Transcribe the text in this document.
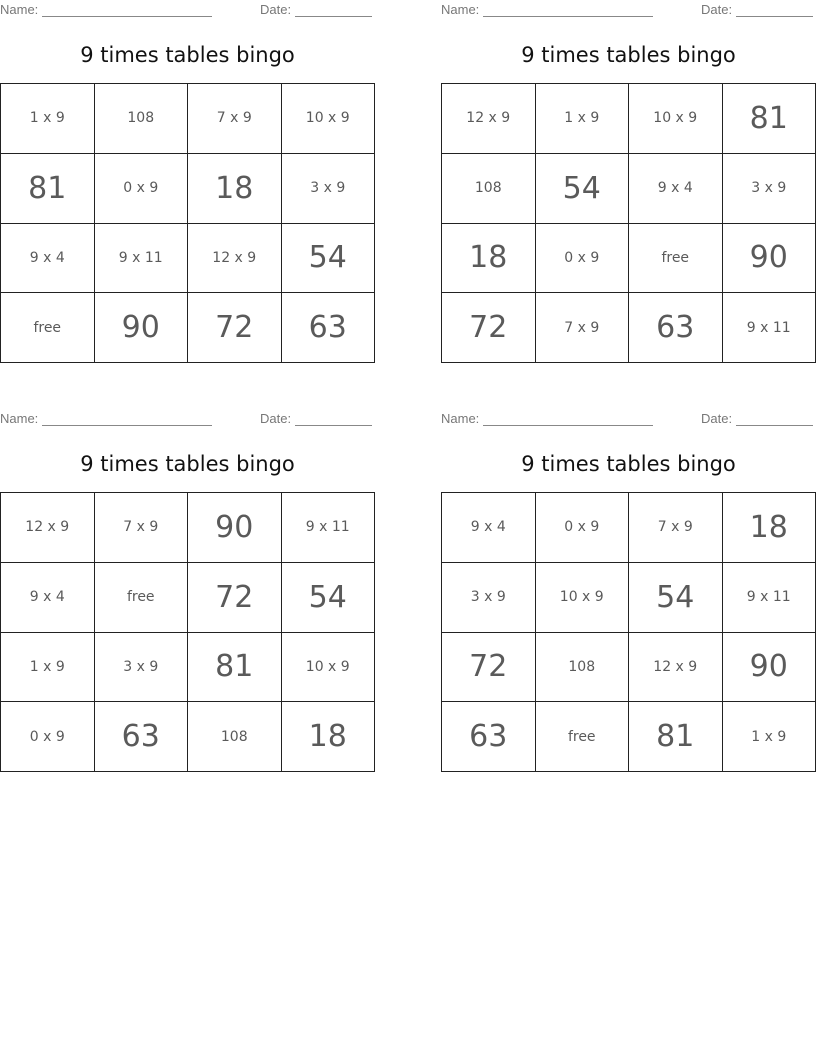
Name:	Date:
9 times tables bingo
1 x 9	108	7 x 9	10 x 9
81	0 x 9	18	3 x 9
9 x 4	9 x 11	12 x 9	54
free	90	72	63
Name:	Date:
9 times tables bingo
12 x 9	1 x 9	10 x 9	81
108	54	9 x 4	3 x 9
18	0 x 9	free	90
72	7 x 9	63	9 x 11
Name:	Date:
9 times tables bingo
12 x 9	7 x 9	90	9 x 11
9 x 4	free	72	54
1 x 9	3 x 9	81	10 x 9
0 x 9	63	108	18
Name:	Date:
9 times tables bingo
9 x 4	0 x 9	7 x 9	18
3 x 9	10 x 9	54	9 x 11
72	108	12 x 9	90
63	free	81	1 x 9
